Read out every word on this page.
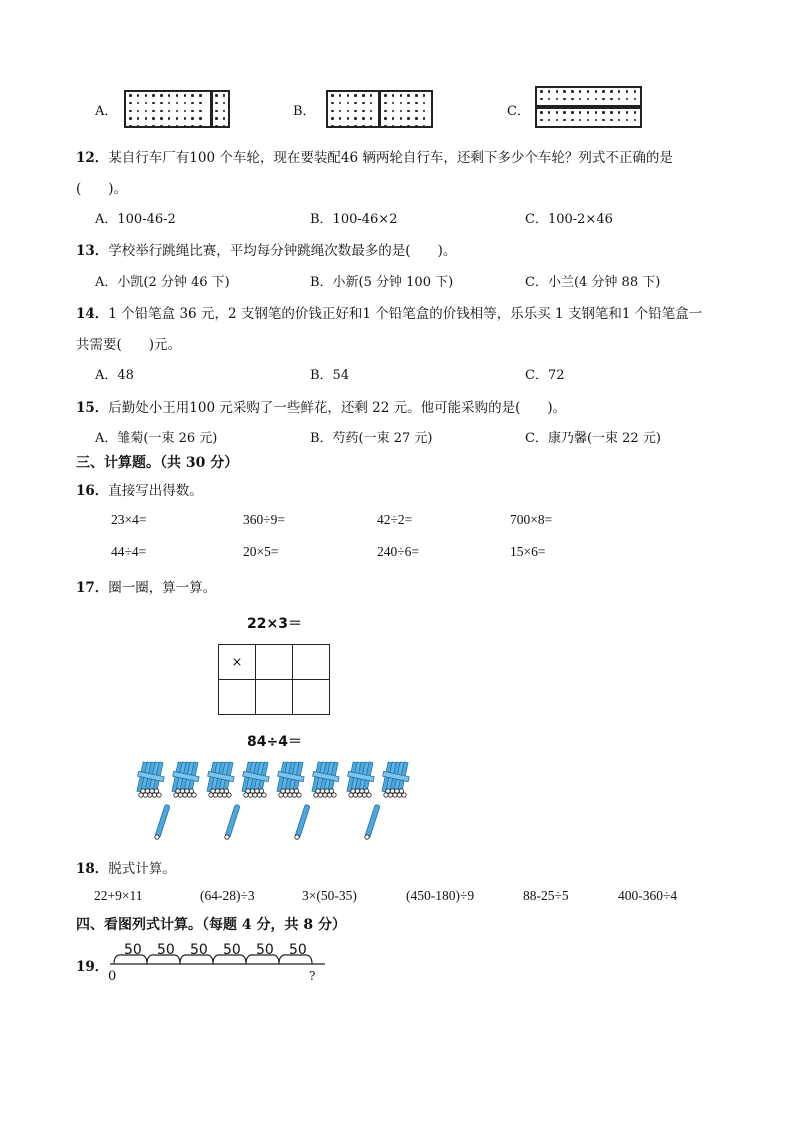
A．	B．	C．
12．某自行车厂有100 个车轮，现在要装配46 辆两轮自行车，还剩下多少个车轮？列式不正确的是
(　　)。
A．100-46-2	B．100-46×2	C．100-2×46
13．学校举行跳绳比赛，平均每分钟跳绳次数最多的是(　　)。
A．小凯(2 分钟 46 下)	B．小新(5 分钟 100 下)	C．小兰(4 分钟 88 下)
14．1 个铅笔盒 36 元，2 支钢笔的价钱正好和1 个铅笔盒的价钱相等，乐乐买 1 支钢笔和1 个铅笔盒一
共需要(　　)元。
A．48	B．54	C．72
15．后勤处小王用100 元采购了一些鲜花，还剩 22 元。他可能采购的是(　　)。
A．雏菊(一束 26 元)	B．芍药(一束 27 元)	C．康乃馨(一束 22 元)
三、计算题。（共 30 分）
16．直接写出得数。
23×4=	360÷9=	42÷2=	700×8=
44÷4=	20×5=	240÷6=	15×6=
17．圈一圈，算一算。
22×3＝
×		

84÷4＝
18．脱式计算。
22+9×11	(64-28)÷3	3×(50-35)	(450-180)÷9	88-25÷5	400-360÷4
四、看图列式计算。（每题 4 分，共 8 分）
19．
50 50 50 50 50 50
0	?
